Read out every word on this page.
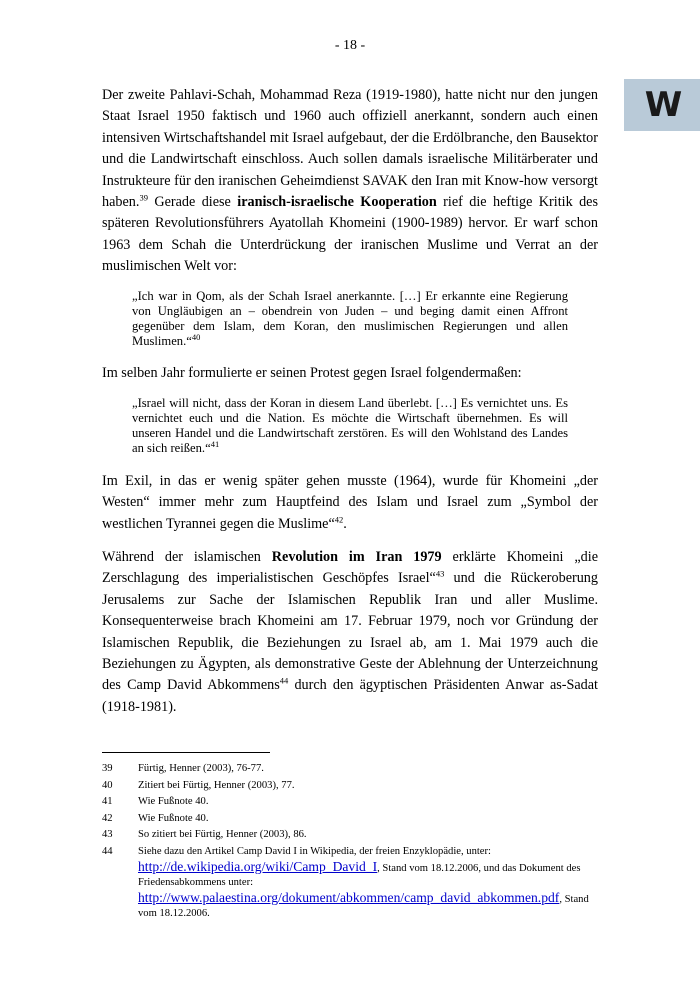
- 18 -
W

Der zweite Pahlavi-Schah, Mohammad Reza (1919-1980), hatte nicht nur den jungen Staat Israel 1950 faktisch und 1960 auch offiziell anerkannt, sondern auch einen intensiven Wirtschaftshandel mit Israel aufgebaut, der die Erdölbranche, den Bausektor und die Landwirtschaft einschloss. Auch sollen damals israelische Militärberater und Instrukteure für den iranischen Geheimdienst SAVAK den Iran mit Know-how versorgt haben.$^{39}$ Gerade diese iranisch-israelische Kooperation rief die heftige Kritik des späteren Revolutionsführers Ayatollah Khomeini (1900-1989) hervor. Er warf schon 1963 dem Schah die Unterdrückung der iranischen Muslime und Verrat an der muslimischen Welt vor:

„Ich war in Qom, als der Schah Israel anerkannte. […] Er erkannte eine Regierung von Ungläubigen an – obendrein von Juden – und beging damit einen Affront gegenüber dem Islam, dem Koran, den muslimischen Regierungen und allen Muslimen.“$^{40}$

Im selben Jahr formulierte er seinen Protest gegen Israel folgendermaßen:

„Israel will nicht, dass der Koran in diesem Land überlebt. […] Es vernichtet uns. Es vernichtet euch und die Nation. Es möchte die Wirtschaft übernehmen. Es will unseren Handel und die Landwirtschaft zerstören. Es will den Wohlstand des Landes an sich reißen.“$^{41}$

Im Exil, in das er wenig später gehen musste (1964), wurde für Khomeini „der Westen“ immer mehr zum Hauptfeind des Islam und Israel zum „Symbol der westlichen Tyrannei gegen die Muslime“$^{42}$.

Während der islamischen Revolution im Iran 1979 erklärte Khomeini „die Zerschlagung des imperialistischen Geschöpfes Israel“$^{43}$ und die Rückeroberung Jerusalems zur Sache der Islamischen Republik Iran und aller Muslime. Konsequenterweise brach Khomeini am 17. Februar 1979, noch vor Gründung der Islamischen Republik, die Beziehungen zu Israel ab, am 1. Mai 1979 auch die Beziehungen zu Ägypten, als demonstrative Geste der Ablehnung der Unterzeichnung des Camp David Abkommens$^{44}$ durch den ägyptischen Präsidenten Anwar as-Sadat (1918-1981).

39	Fürtig, Henner (2003), 76-77.
40	Zitiert bei Fürtig, Henner (2003), 77.
41	Wie Fußnote 40.
42	Wie Fußnote 40.
43	So zitiert bei Fürtig, Henner (2003), 86.
44	Siehe dazu den Artikel Camp David I in Wikipedia, der freien Enzyklopädie, unter: http://de.wikipedia.org/wiki/Camp_David_I, Stand vom 18.12.2006, und das Dokument des Friedensabkommens unter: http://www.palaestina.org/dokument/abkommen/camp_david_abkommen.pdf, Stand vom 18.12.2006.
